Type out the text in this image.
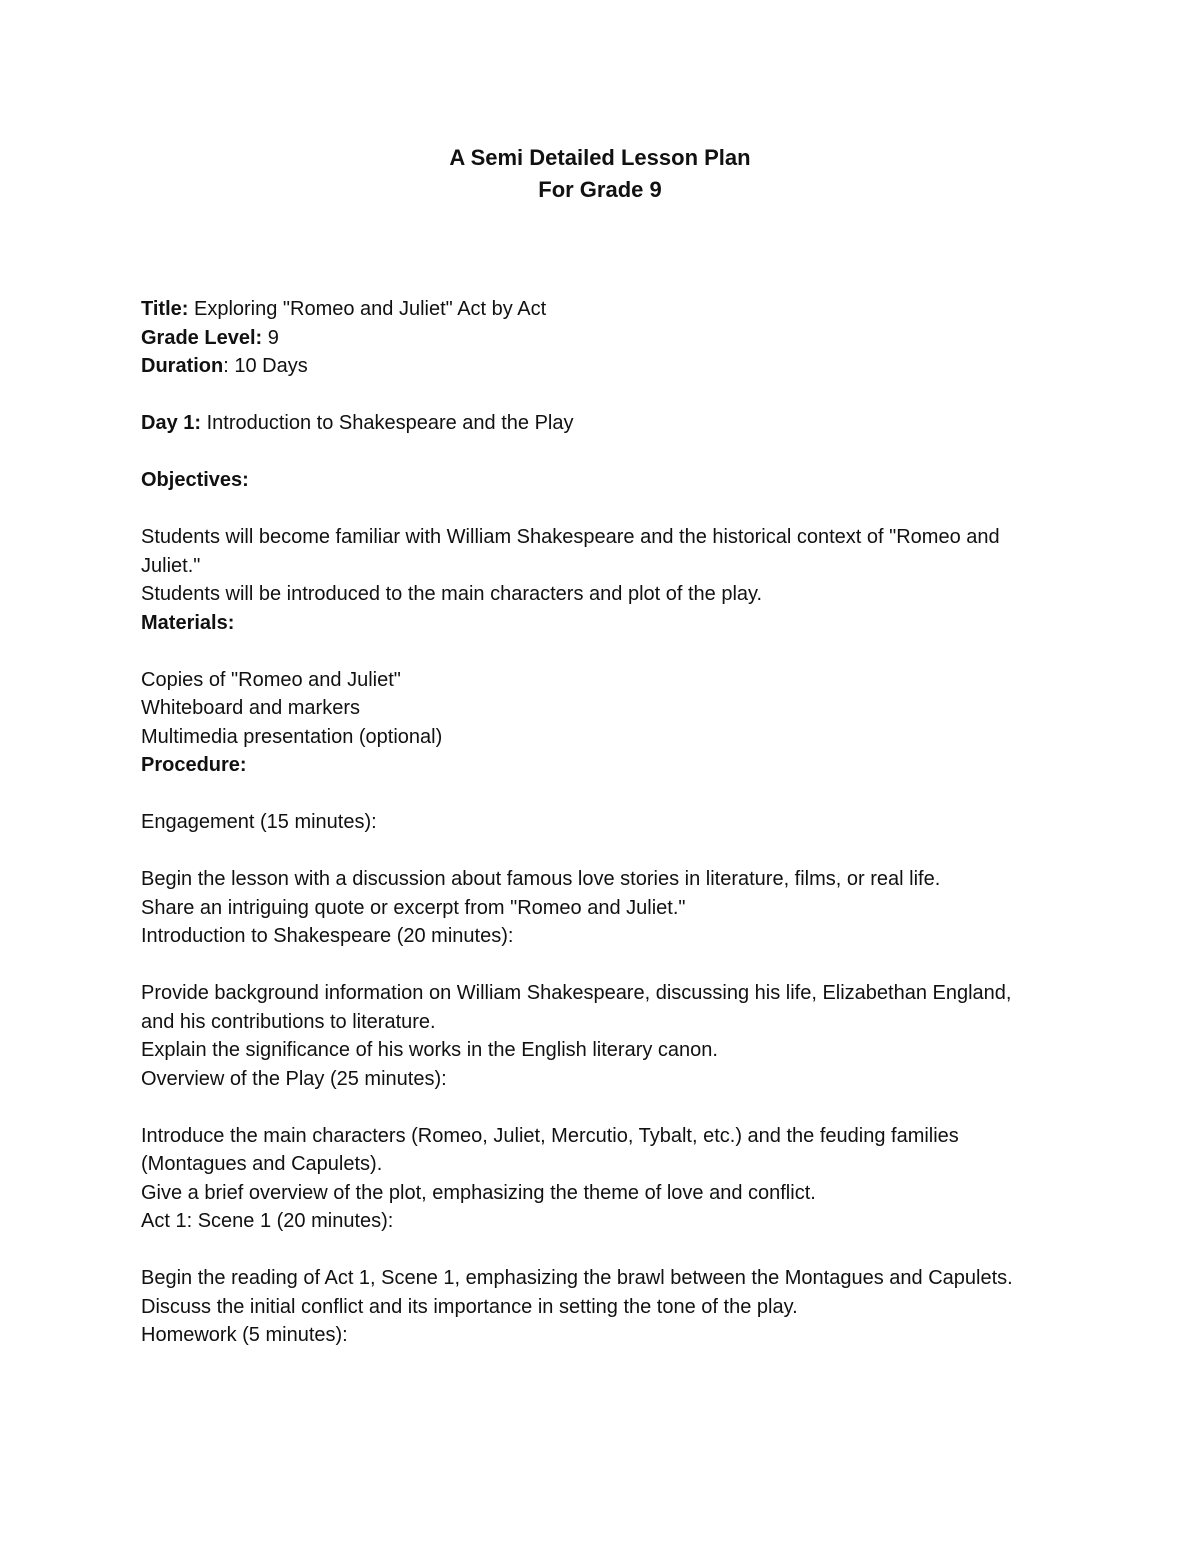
A Semi Detailed Lesson Plan
For Grade 9

Title: Exploring "Romeo and Juliet" Act by Act

Grade Level: 9

Duration: 10 Days

Day 1: Introduction to Shakespeare and the Play

Objectives:

Students will become familiar with William Shakespeare and the historical context of "Romeo and Juliet."

Students will be introduced to the main characters and plot of the play.

Materials:

Copies of "Romeo and Juliet"

Whiteboard and markers

Multimedia presentation (optional)

Procedure:

Engagement (15 minutes):

Begin the lesson with a discussion about famous love stories in literature, films, or real life.

Share an intriguing quote or excerpt from "Romeo and Juliet."

Introduction to Shakespeare (20 minutes):

Provide background information on William Shakespeare, discussing his life, Elizabethan England, and his contributions to literature.

Explain the significance of his works in the English literary canon.

Overview of the Play (25 minutes):

Introduce the main characters (Romeo, Juliet, Mercutio, Tybalt, etc.) and the feuding families (Montagues and Capulets).

Give a brief overview of the plot, emphasizing the theme of love and conflict.

Act 1: Scene 1 (20 minutes):

Begin the reading of Act 1, Scene 1, emphasizing the brawl between the Montagues and Capulets.

Discuss the initial conflict and its importance in setting the tone of the play.

Homework (5 minutes):
